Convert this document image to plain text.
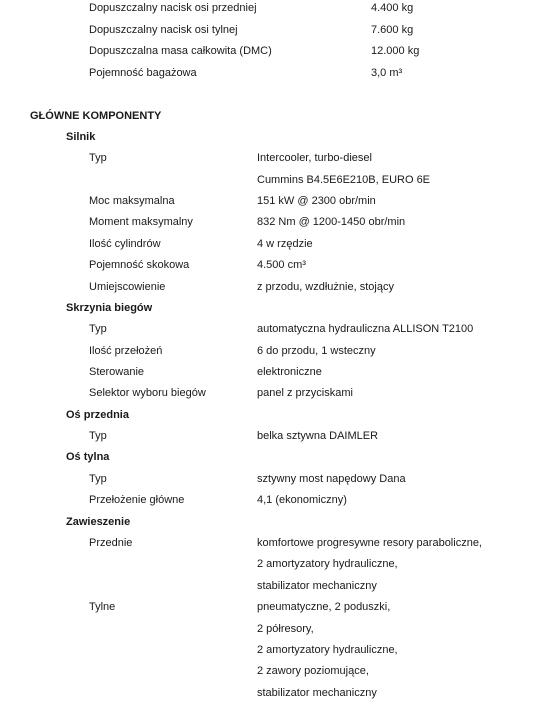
Dopuszczalny nacisk osi przedniej	4.400 kg
Dopuszczalny nacisk osi tylnej	7.600 kg
Dopuszczalna masa całkowita (DMC)	12.000 kg
Pojemność bagażowa	3,0 m³
GŁÓWNE KOMPONENTY
Silnik
Typ	Intercooler, turbo-diesel
Cummins B4.5E6E210B, EURO 6E
Moc maksymalna	151 kW @ 2300 obr/min
Moment maksymalny	832 Nm @ 1200-1450 obr/min
Ilość cylindrów	4 w rzędzie
Pojemność skokowa	4.500 cm³
Umiejscowienie	z przodu, wzdłużnie, stojący
Skrzynia biegów
Typ	automatyczna hydrauliczna ALLISON T2100
Ilość przełożeń	6 do przodu, 1 wsteczny
Sterowanie	elektroniczne
Selektor wyboru biegów	panel z przyciskami
Oś przednia
Typ	belka sztywna DAIMLER
Oś tylna
Typ	sztywny most napędowy Dana
Przełożenie główne	4,1 (ekonomiczny)
Zawieszenie
Przednie	komfortowe progresywne resory paraboliczne,
2 amortyzatory hydrauliczne,
stabilizator mechaniczny
Tylne	pneumatyczne, 2 poduszki,
2 półresory,
2 amortyzatory hydrauliczne,
2 zawory poziomujące,
stabilizator mechaniczny
